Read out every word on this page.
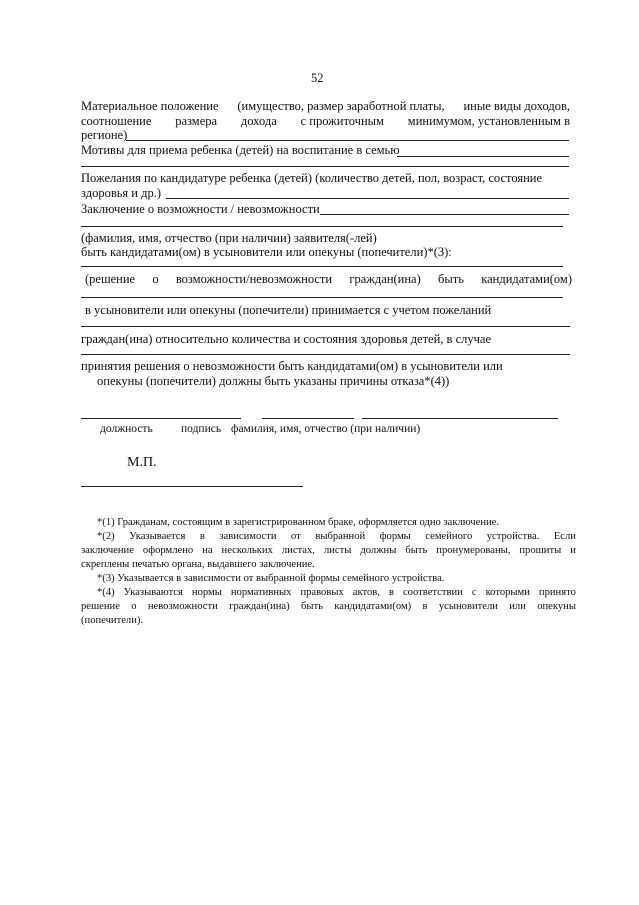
52
Материальное положение (имущество, размер заработной платы, иные виды доходов,
соотношение размера дохода с прожиточным минимумом, установленным в
регионе)
Мотивы для приема ребенка (детей) на воспитание в семью
Пожелания по кандидатуре ребенка (детей) (количество детей, пол, возраст, состояние
здоровья и др.)
Заключение о возможности / невозможности
(фамилия, имя, отчество (при наличии) заявителя(-лей)
быть кандидатами(ом) в усыновители или опекуны (попечители)*(3):
(решение о возможности/невозможности граждан(ина) быть кандидатами(ом)
в усыновители или опекуны (попечители) принимается с учетом пожеланий
граждан(ина) относительно количества и состояния здоровья детей, в случае
принятия решения о невозможности быть кандидатами(ом) в усыновители или
опекуны (попечители) должны быть указаны причины отказа*(4))
должность подпись фамилия, имя, отчество (при наличии)
М.П.
*(1) Гражданам, состоящим в зарегистрированном браке, оформляется одно заключение.
*(2) Указывается в зависимости от выбранной формы семейного устройства. Если
заключение оформлено на нескольких листах, листы должны быть пронумерованы, прошиты и
скреплены печатью органа, выдавшего заключение.
*(3) Указывается в зависимости от выбранной формы семейного устройства.
*(4) Указываются нормы нормативных правовых актов, в соответствии с которыми принято
решение о невозможности граждан(ина) быть кандидатами(ом) в усыновители или опекуны
(попечители).
